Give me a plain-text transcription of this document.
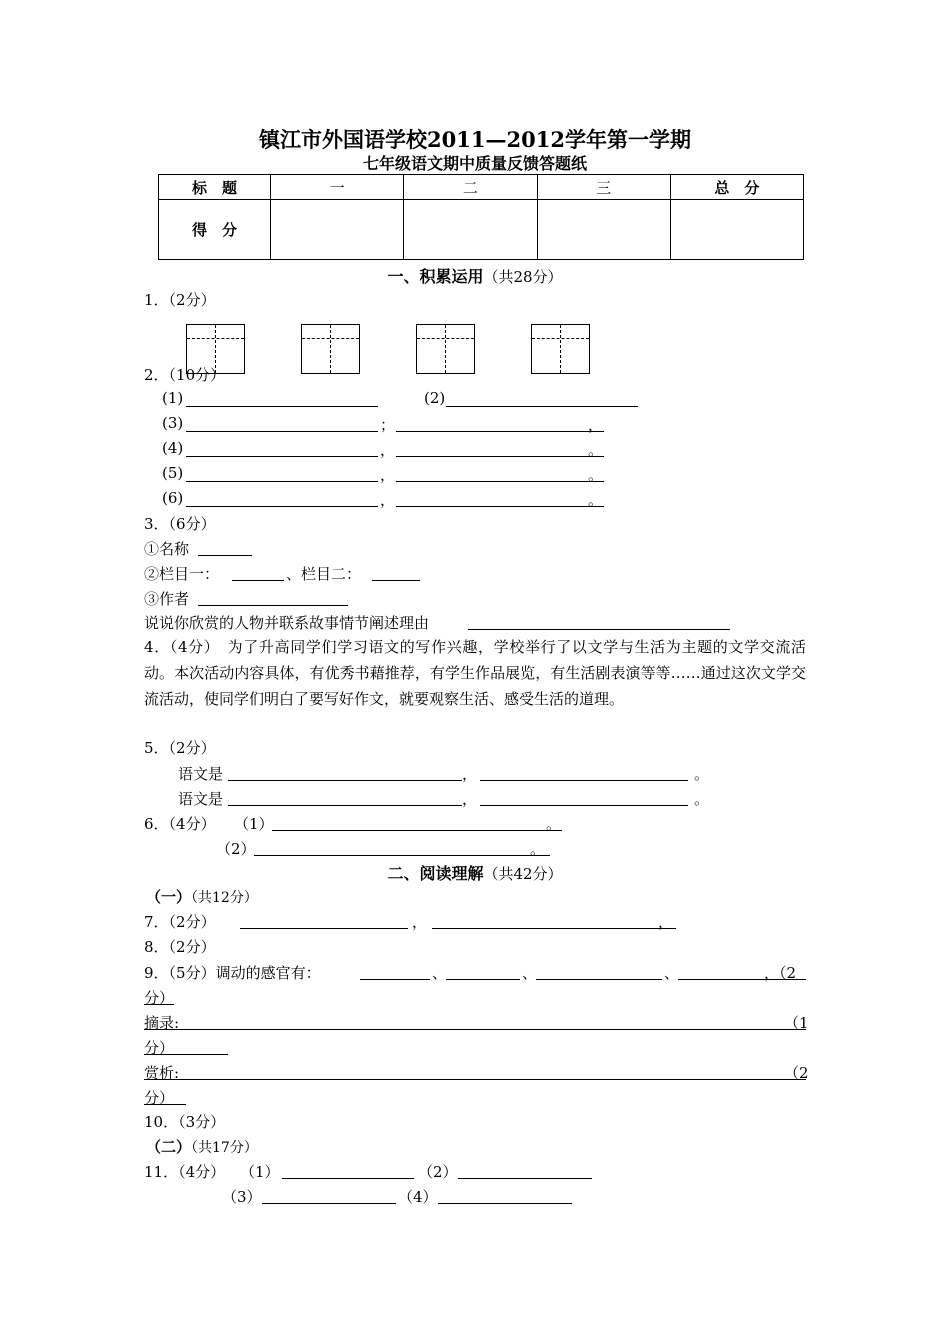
镇江市外国语学校2011—2012学年第一学期
七年级语文期中质量反馈答题纸
标　题	一	二	三	总　分
得　分				
一、积累运用（共28分）
1．（2分）
2．（10分）
(1)	(2)
(3)	；	，
(4)	，	。
(5)	，	。
(6)	，	。
3．（6分）
①名称
②栏目一：	、栏目二：
③作者
说说你欣赏的人物并联系故事情节阐述理由
4．（4分）　为了升高同学们学习语文的写作兴趣，学校举行了以文学与生活为主题的文学交流活动。本次活动内容具体，有优秀书藉推荐，有学生作品展览，有生活剧表演等等……通过这次文学交流活动，使同学们明白了要写好作文，就要观察生活、感受生活的道理。
5．（2分）
语文是	，	。
语文是	，	。
6．（4分） （1）	。
（2）	。
二、阅读理解（共42分）
（一）（共12分）
7．（2分）	，	，
8．（2分）
9．（5分）调动的感官有：	、	、	、	，（2
分）
摘录:	（1
分）
赏析:	（2
分）
10．（3分）
（二）（共17分）
11．（4分） （1）	（2）
（3）	（4）
